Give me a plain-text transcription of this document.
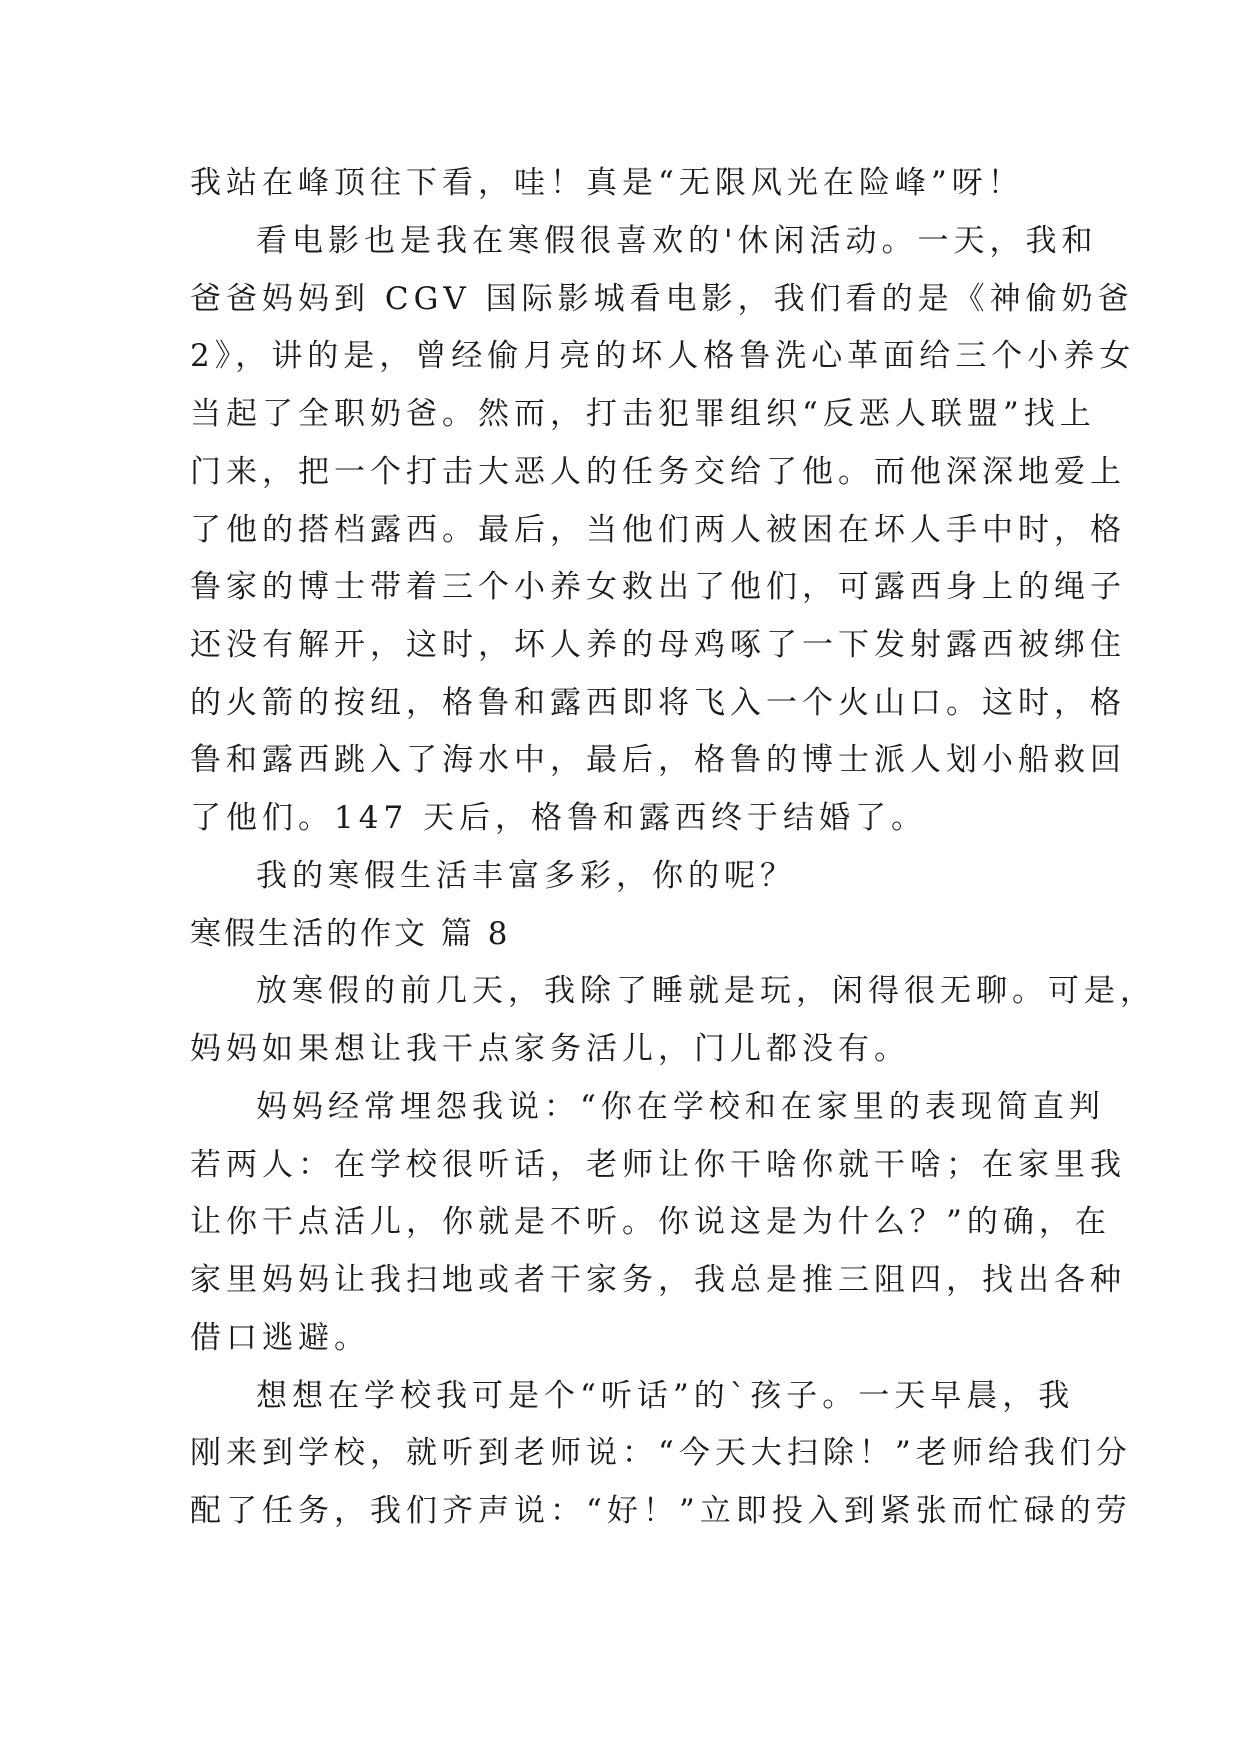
我站在峰顶往下看，哇！真是“无限风光在险峰”呀！
看电影也是我在寒假很喜欢的'休闲活动。一天，我和
爸爸妈妈到 CGV 国际影城看电影，我们看的是《神偷奶爸
2》，讲的是，曾经偷月亮的坏人格鲁洗心革面给三个小养女
当起了全职奶爸。然而，打击犯罪组织“反恶人联盟”找上
门来，把一个打击大恶人的任务交给了他。而他深深地爱上
了他的搭档露西。最后，当他们两人被困在坏人手中时，格
鲁家的博士带着三个小养女救出了他们，可露西身上的绳子
还没有解开，这时，坏人养的母鸡啄了一下发射露西被绑住
的火箭的按纽，格鲁和露西即将飞入一个火山口。这时，格
鲁和露西跳入了海水中，最后，格鲁的博士派人划小船救回
了他们。147 天后，格鲁和露西终于结婚了。
我的寒假生活丰富多彩，你的呢？
寒假生活的作文 篇 8
放寒假的前几天，我除了睡就是玩，闲得很无聊。可是，
妈妈如果想让我干点家务活儿，门儿都没有。
妈妈经常埋怨我说：“你在学校和在家里的表现简直判
若两人：在学校很听话，老师让你干啥你就干啥；在家里我
让你干点活儿，你就是不听。你说这是为什么？”的确，在
家里妈妈让我扫地或者干家务，我总是推三阻四，找出各种
借口逃避。
想想在学校我可是个“听话”的`孩子。一天早晨，我
刚来到学校，就听到老师说：“今天大扫除！”老师给我们分
配了任务，我们齐声说：“好！”立即投入到紧张而忙碌的劳
